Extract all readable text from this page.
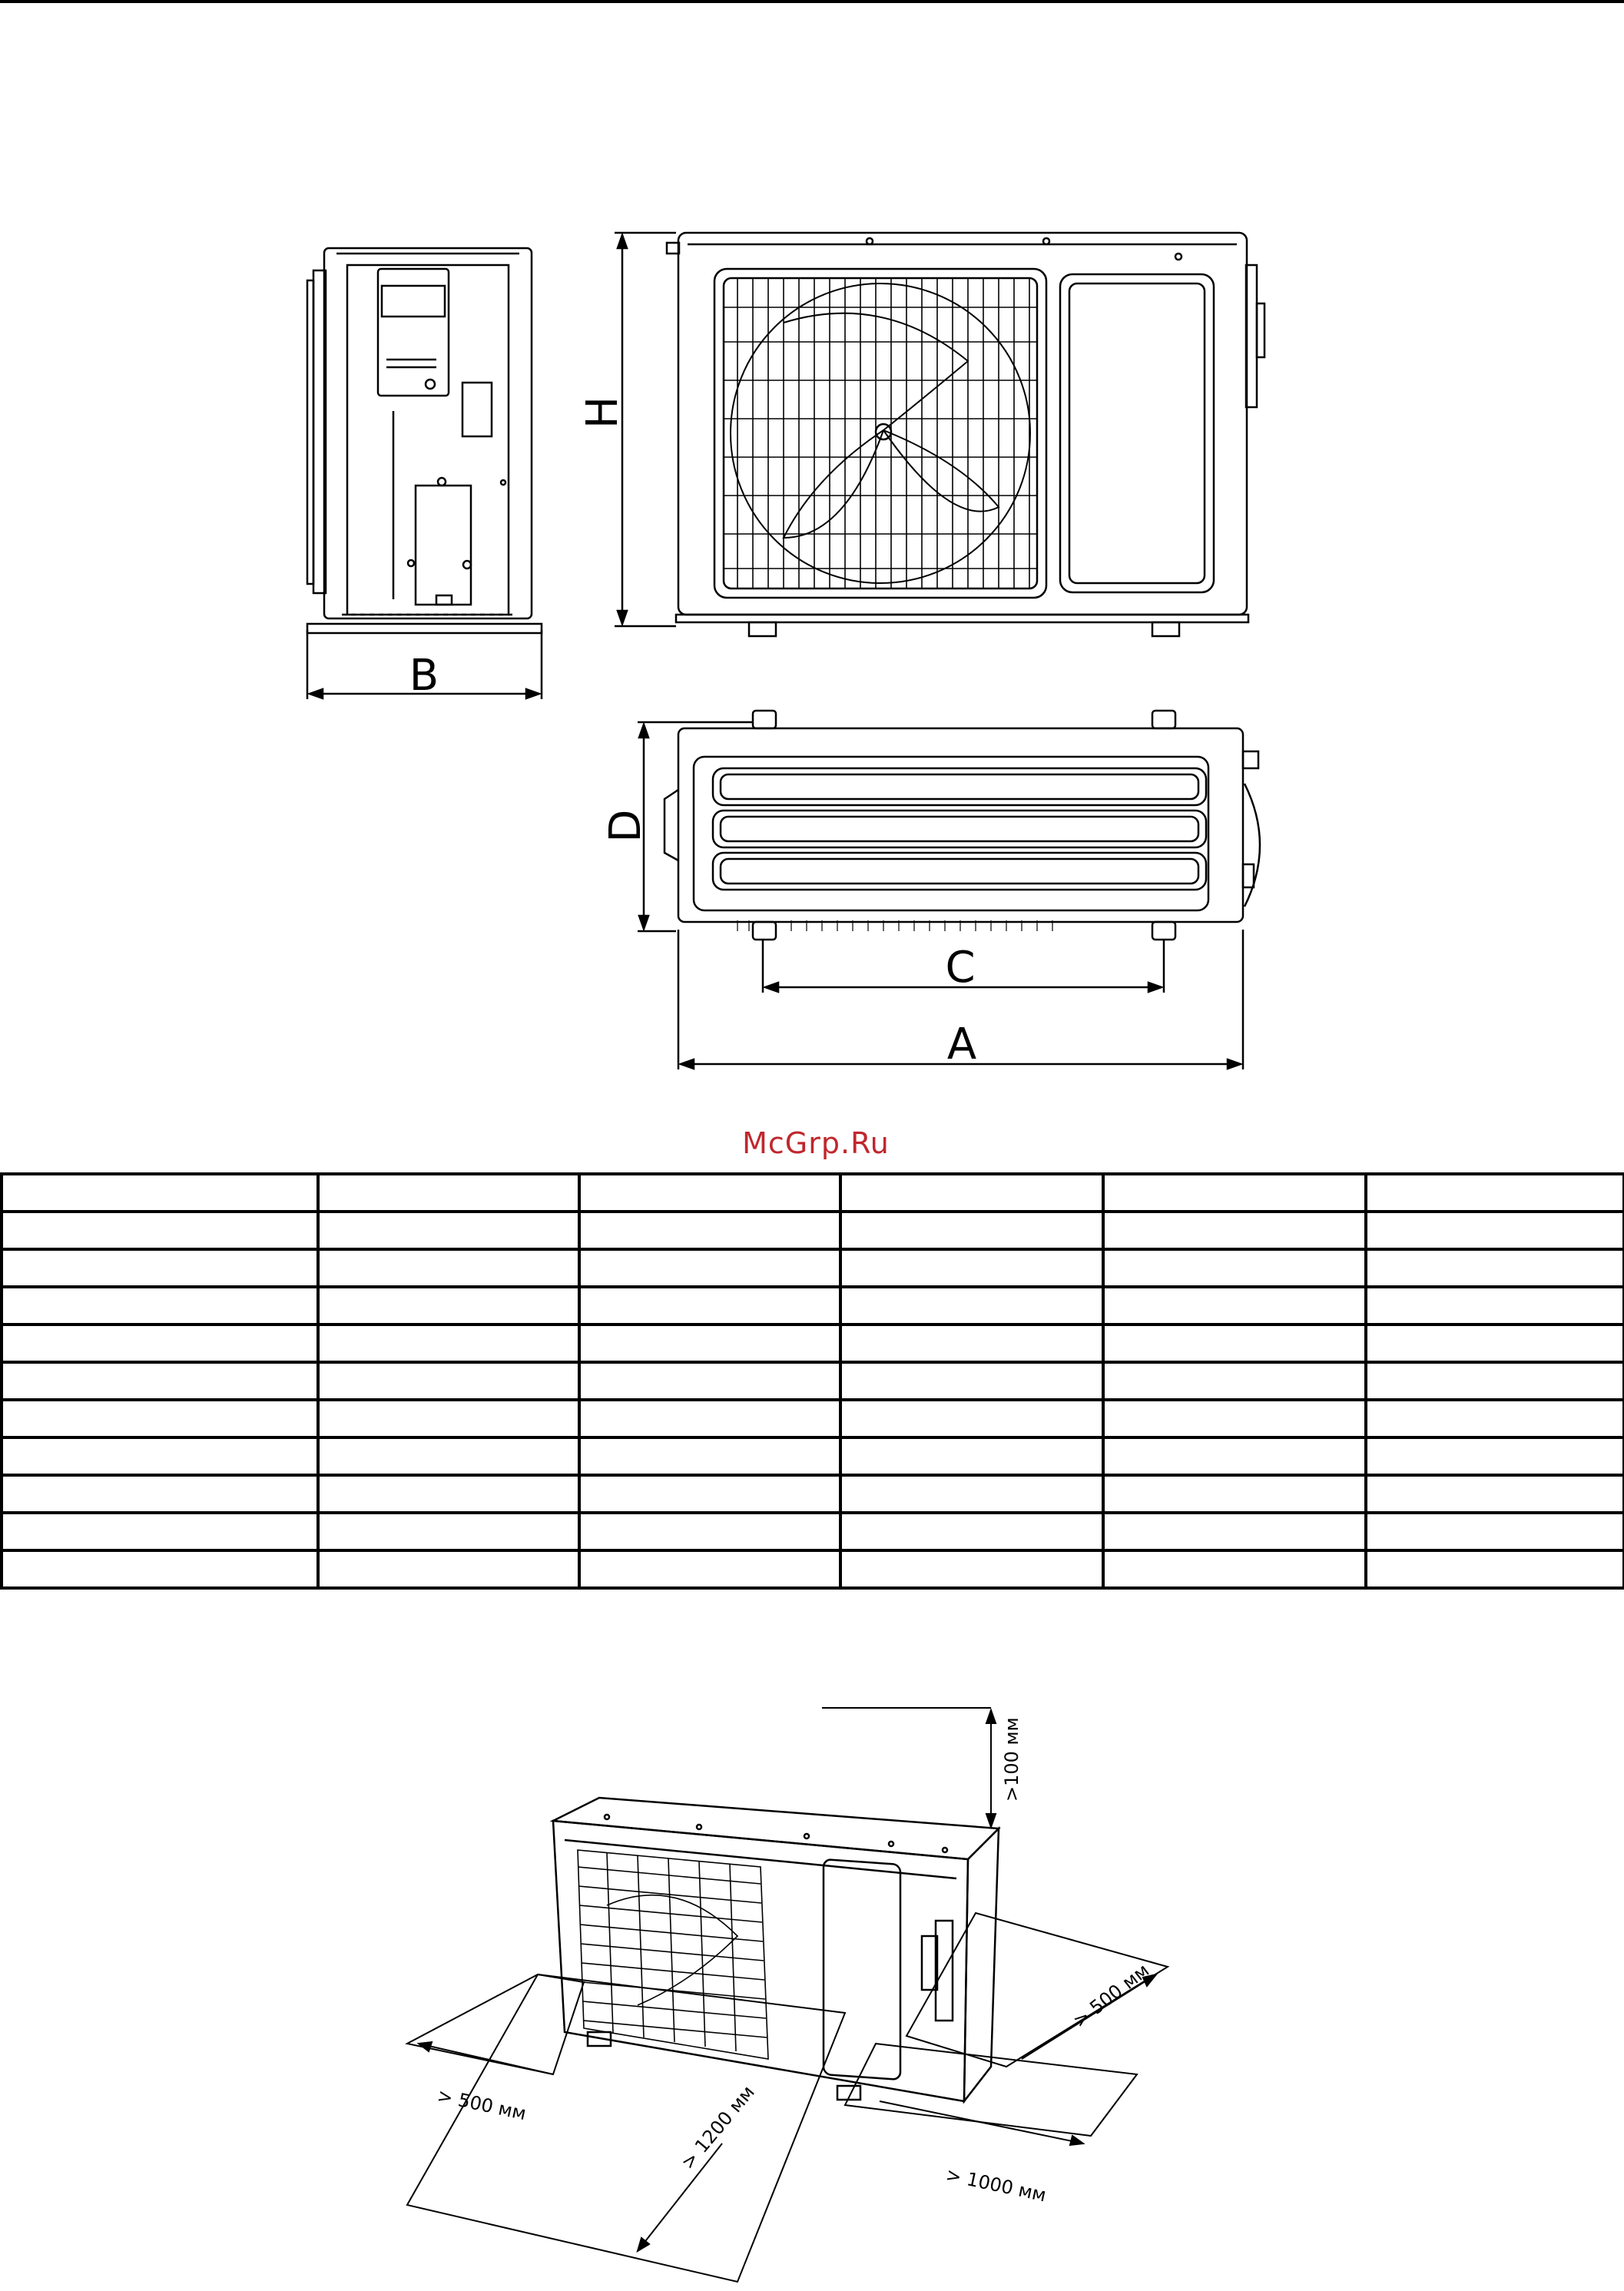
B
H
D
C
A
McGrp.Ru

>100 мм
> 500 мм
> 500 мм
> 1200 мм
> 1000 мм
